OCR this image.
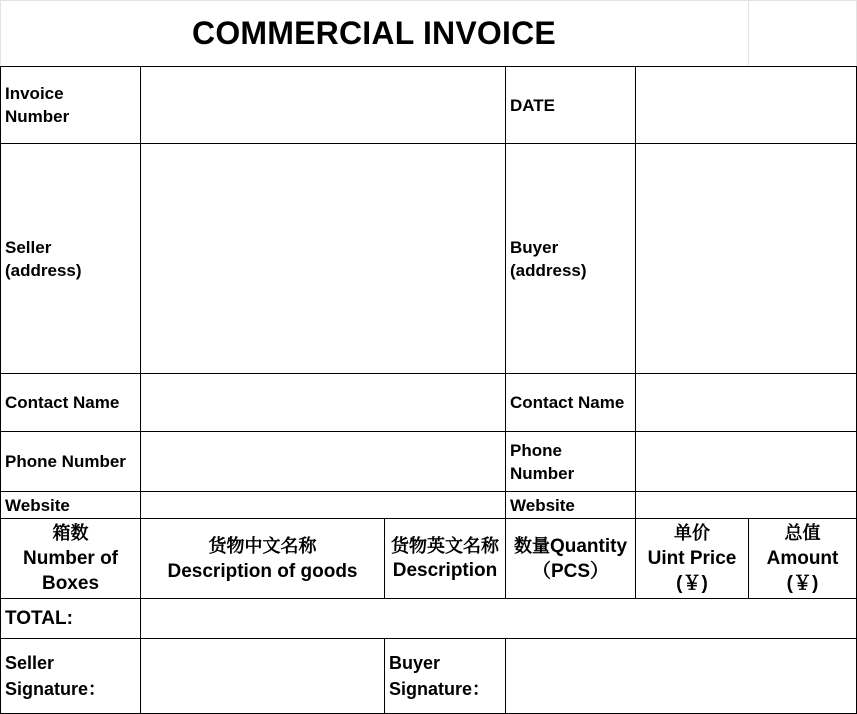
COMMERCIAL INVOICE
Invoice Number
DATE
Seller (address)
Buyer (address)
Contact Name	Contact Name
Phone Number
Phone Number
Website	Website
箱数
Number of Boxes
货物中文名称
Description of goods
货物英文名称
Description
数量Quantity
（PCS）
单价
Uint Price
(￥)
总值
Amount
(￥)
TOTAL:
Seller Signature：
Buyer Signature：
